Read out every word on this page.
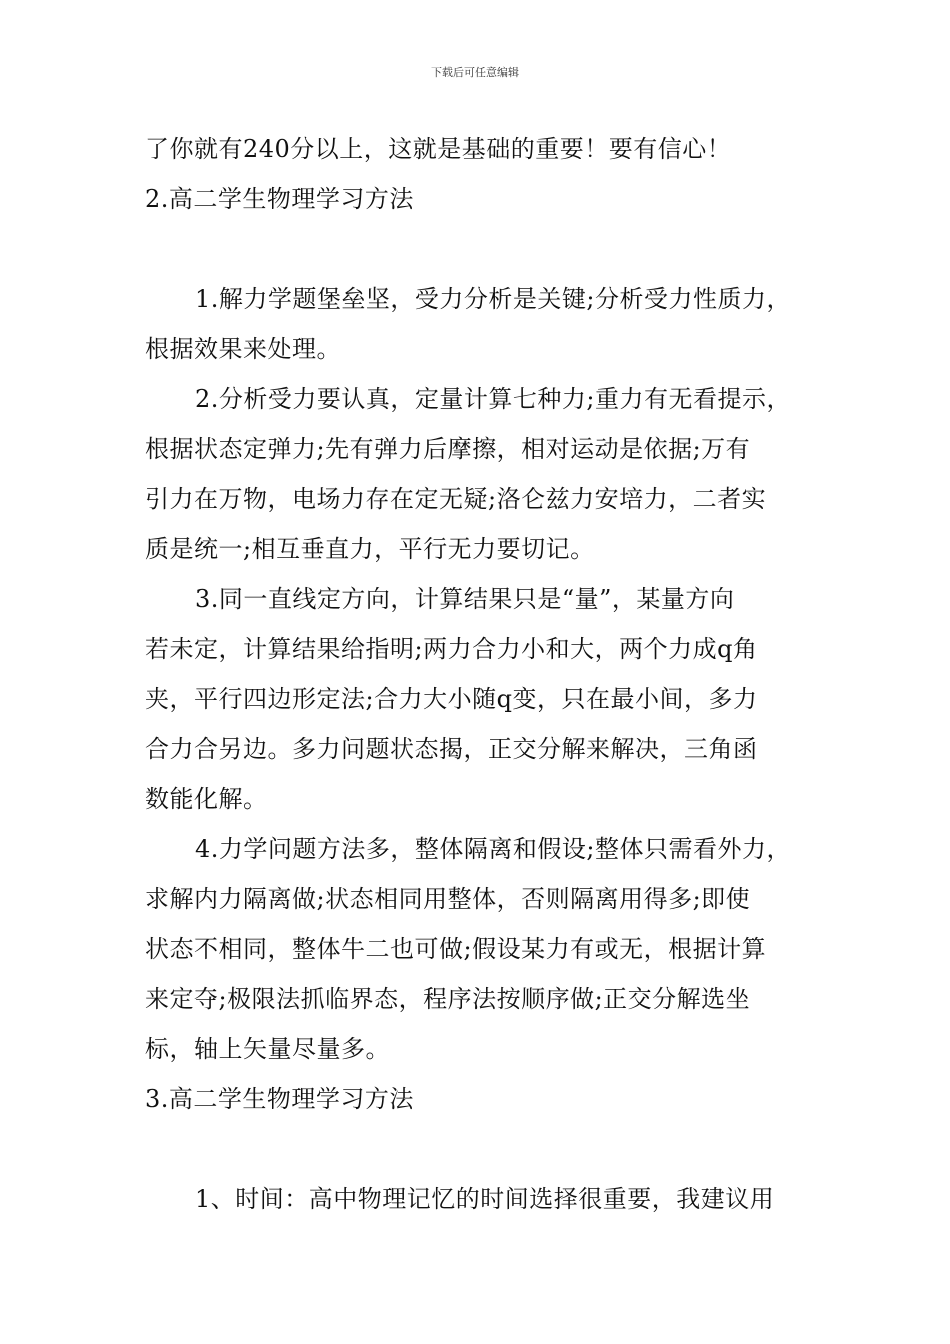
下载后可任意编辑
了你就有240分以上，这就是基础的重要！要有信心！
2.高二学生物理学习方法
1.解力学题堡垒坚，受力分析是关键;分析受力性质力，
根据效果来处理。
2.分析受力要认真，定量计算七种力;重力有无看提示，
根据状态定弹力;先有弹力后摩擦，相对运动是依据;万有
引力在万物，电场力存在定无疑;洛仑兹力安培力，二者实
质是统一;相互垂直力，平行无力要切记。
3.同一直线定方向，计算结果只是“量”，某量方向
若未定，计算结果给指明;两力合力小和大，两个力成q角
夹，平行四边形定法;合力大小随q变，只在最小间，多力
合力合另边。多力问题状态揭，正交分解来解决，三角函
数能化解。
4.力学问题方法多，整体隔离和假设;整体只需看外力，
求解内力隔离做;状态相同用整体，否则隔离用得多;即使
状态不相同，整体牛二也可做;假设某力有或无，根据计算
来定夺;极限法抓临界态，程序法按顺序做;正交分解选坐
标，轴上矢量尽量多。
3.高二学生物理学习方法
1、时间：高中物理记忆的时间选择很重要，我建议用
